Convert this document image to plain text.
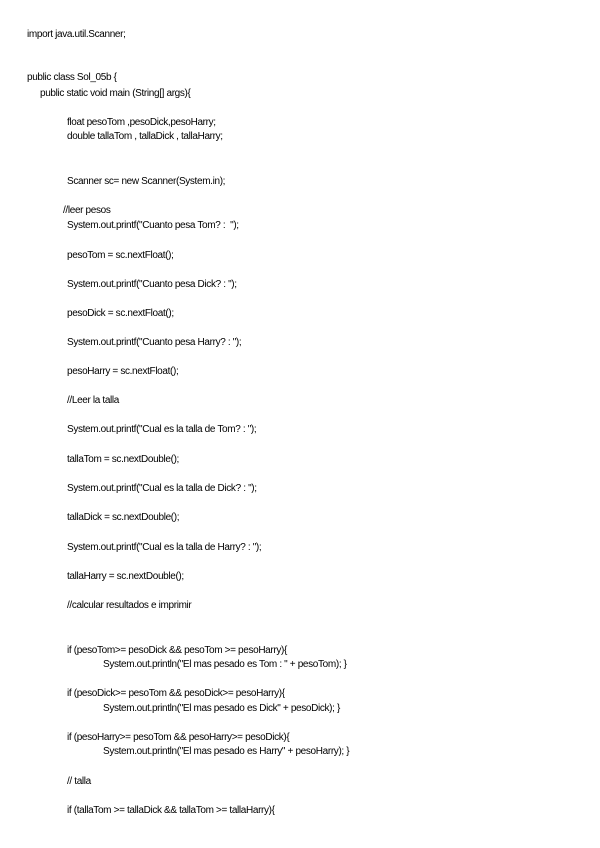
import java.util.Scanner;
public class Sol_05b {
public static void main (String[] args){
float pesoTom ,pesoDick,pesoHarry;
double tallaTom , tallaDick , tallaHarry;
Scanner sc= new Scanner(System.in);
//leer pesos
System.out.printf("Cuanto pesa Tom? :  ");
pesoTom = sc.nextFloat();
System.out.printf("Cuanto pesa Dick? : ");
pesoDick = sc.nextFloat();
System.out.printf("Cuanto pesa Harry? : ");
pesoHarry = sc.nextFloat();
//Leer la talla
System.out.printf("Cual es la talla de Tom? : ");
tallaTom = sc.nextDouble();
System.out.printf("Cual es la talla de Dick? : ");
tallaDick = sc.nextDouble();
System.out.printf("Cual es la talla de Harry? : ");
tallaHarry = sc.nextDouble();
//calcular resultados e imprimir
if (pesoTom>= pesoDick && pesoTom >= pesoHarry){
System.out.println("El mas pesado es Tom : " + pesoTom); }
if (pesoDick>= pesoTom && pesoDick>= pesoHarry){
System.out.println("El mas pesado es Dick" + pesoDick); }
if (pesoHarry>= pesoTom && pesoHarry>= pesoDick){
System.out.println("El mas pesado es Harry" + pesoHarry); }
// talla
if (tallaTom >= tallaDick && tallaTom >= tallaHarry){
